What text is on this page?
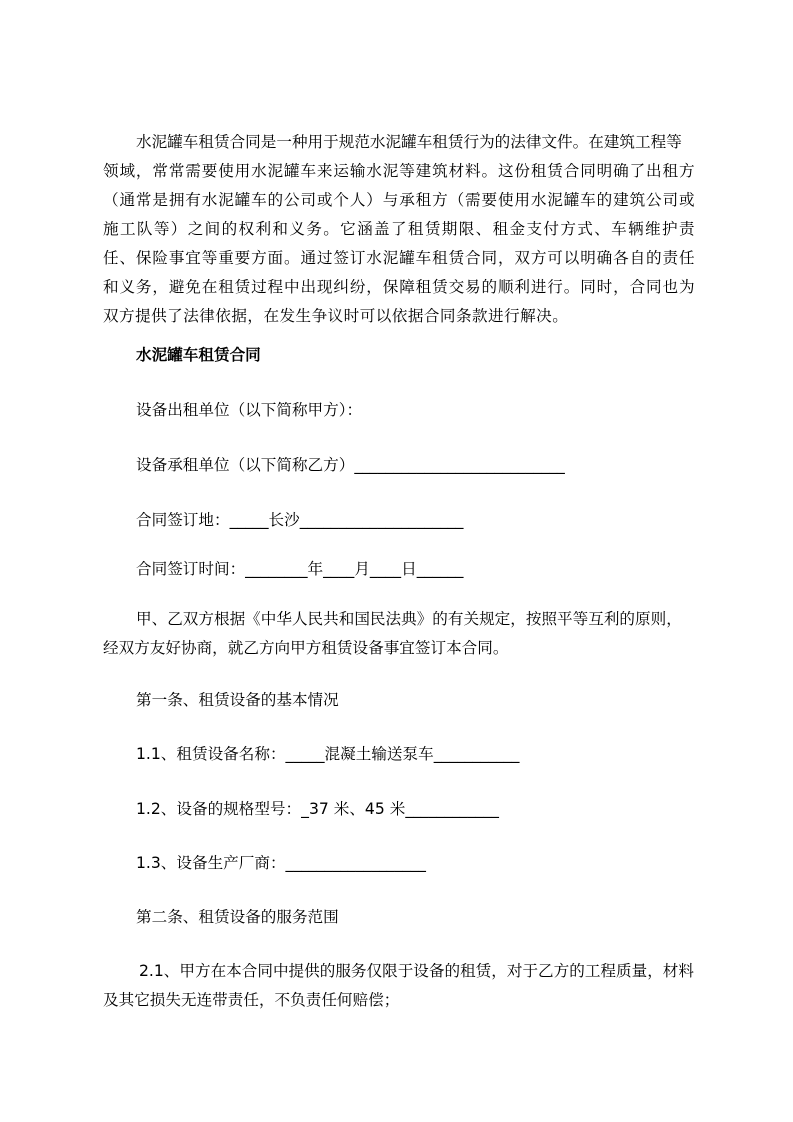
水泥罐车租赁合同是一种用于规范水泥罐车租赁行为的法律文件。在建筑工程等
领域，常常需要使用水泥罐车来运输水泥等建筑材料。这份租赁合同明确了出租方（通常是拥有水泥罐车的公司或个人）与承租方（需要使用水泥罐车的建筑公司或施工队等）之间的权利和义务。它涵盖了租赁期限、租金支付方式、车辆维护责任、保险事宜等重要方面。通过签订水泥罐车租赁合同，双方可以明确各自的责任和义务，避免在租赁过程中出现纠纷，保障租赁交易的顺利进行。同时，合同也为双方提供了法律依据，在发生争议时可以依据合同条款进行解决。
水泥罐车租赁合同
设备出租单位（以下简称甲方）：
设备承租单位（以下简称乙方）___________________________
合同签订地：_____长沙_____________________
合同签订时间：________年____月____日______
甲、乙双方根据《中华人民共和国民法典》的有关规定，按照平等互利的原则，
经双方友好协商，就乙方向甲方租赁设备事宜签订本合同。
第一条、租赁设备的基本情况
1.1、租赁设备名称：_____混凝土输送泵车___________
1.2、设备的规格型号：_37 米、45 米____________
1.3、设备生产厂商：__________________
第二条、租赁设备的服务范围
2.1、甲方在本合同中提供的服务仅限于设备的租赁，对于乙方的工程质量，材料
及其它损失无连带责任，不负责任何赔偿；
